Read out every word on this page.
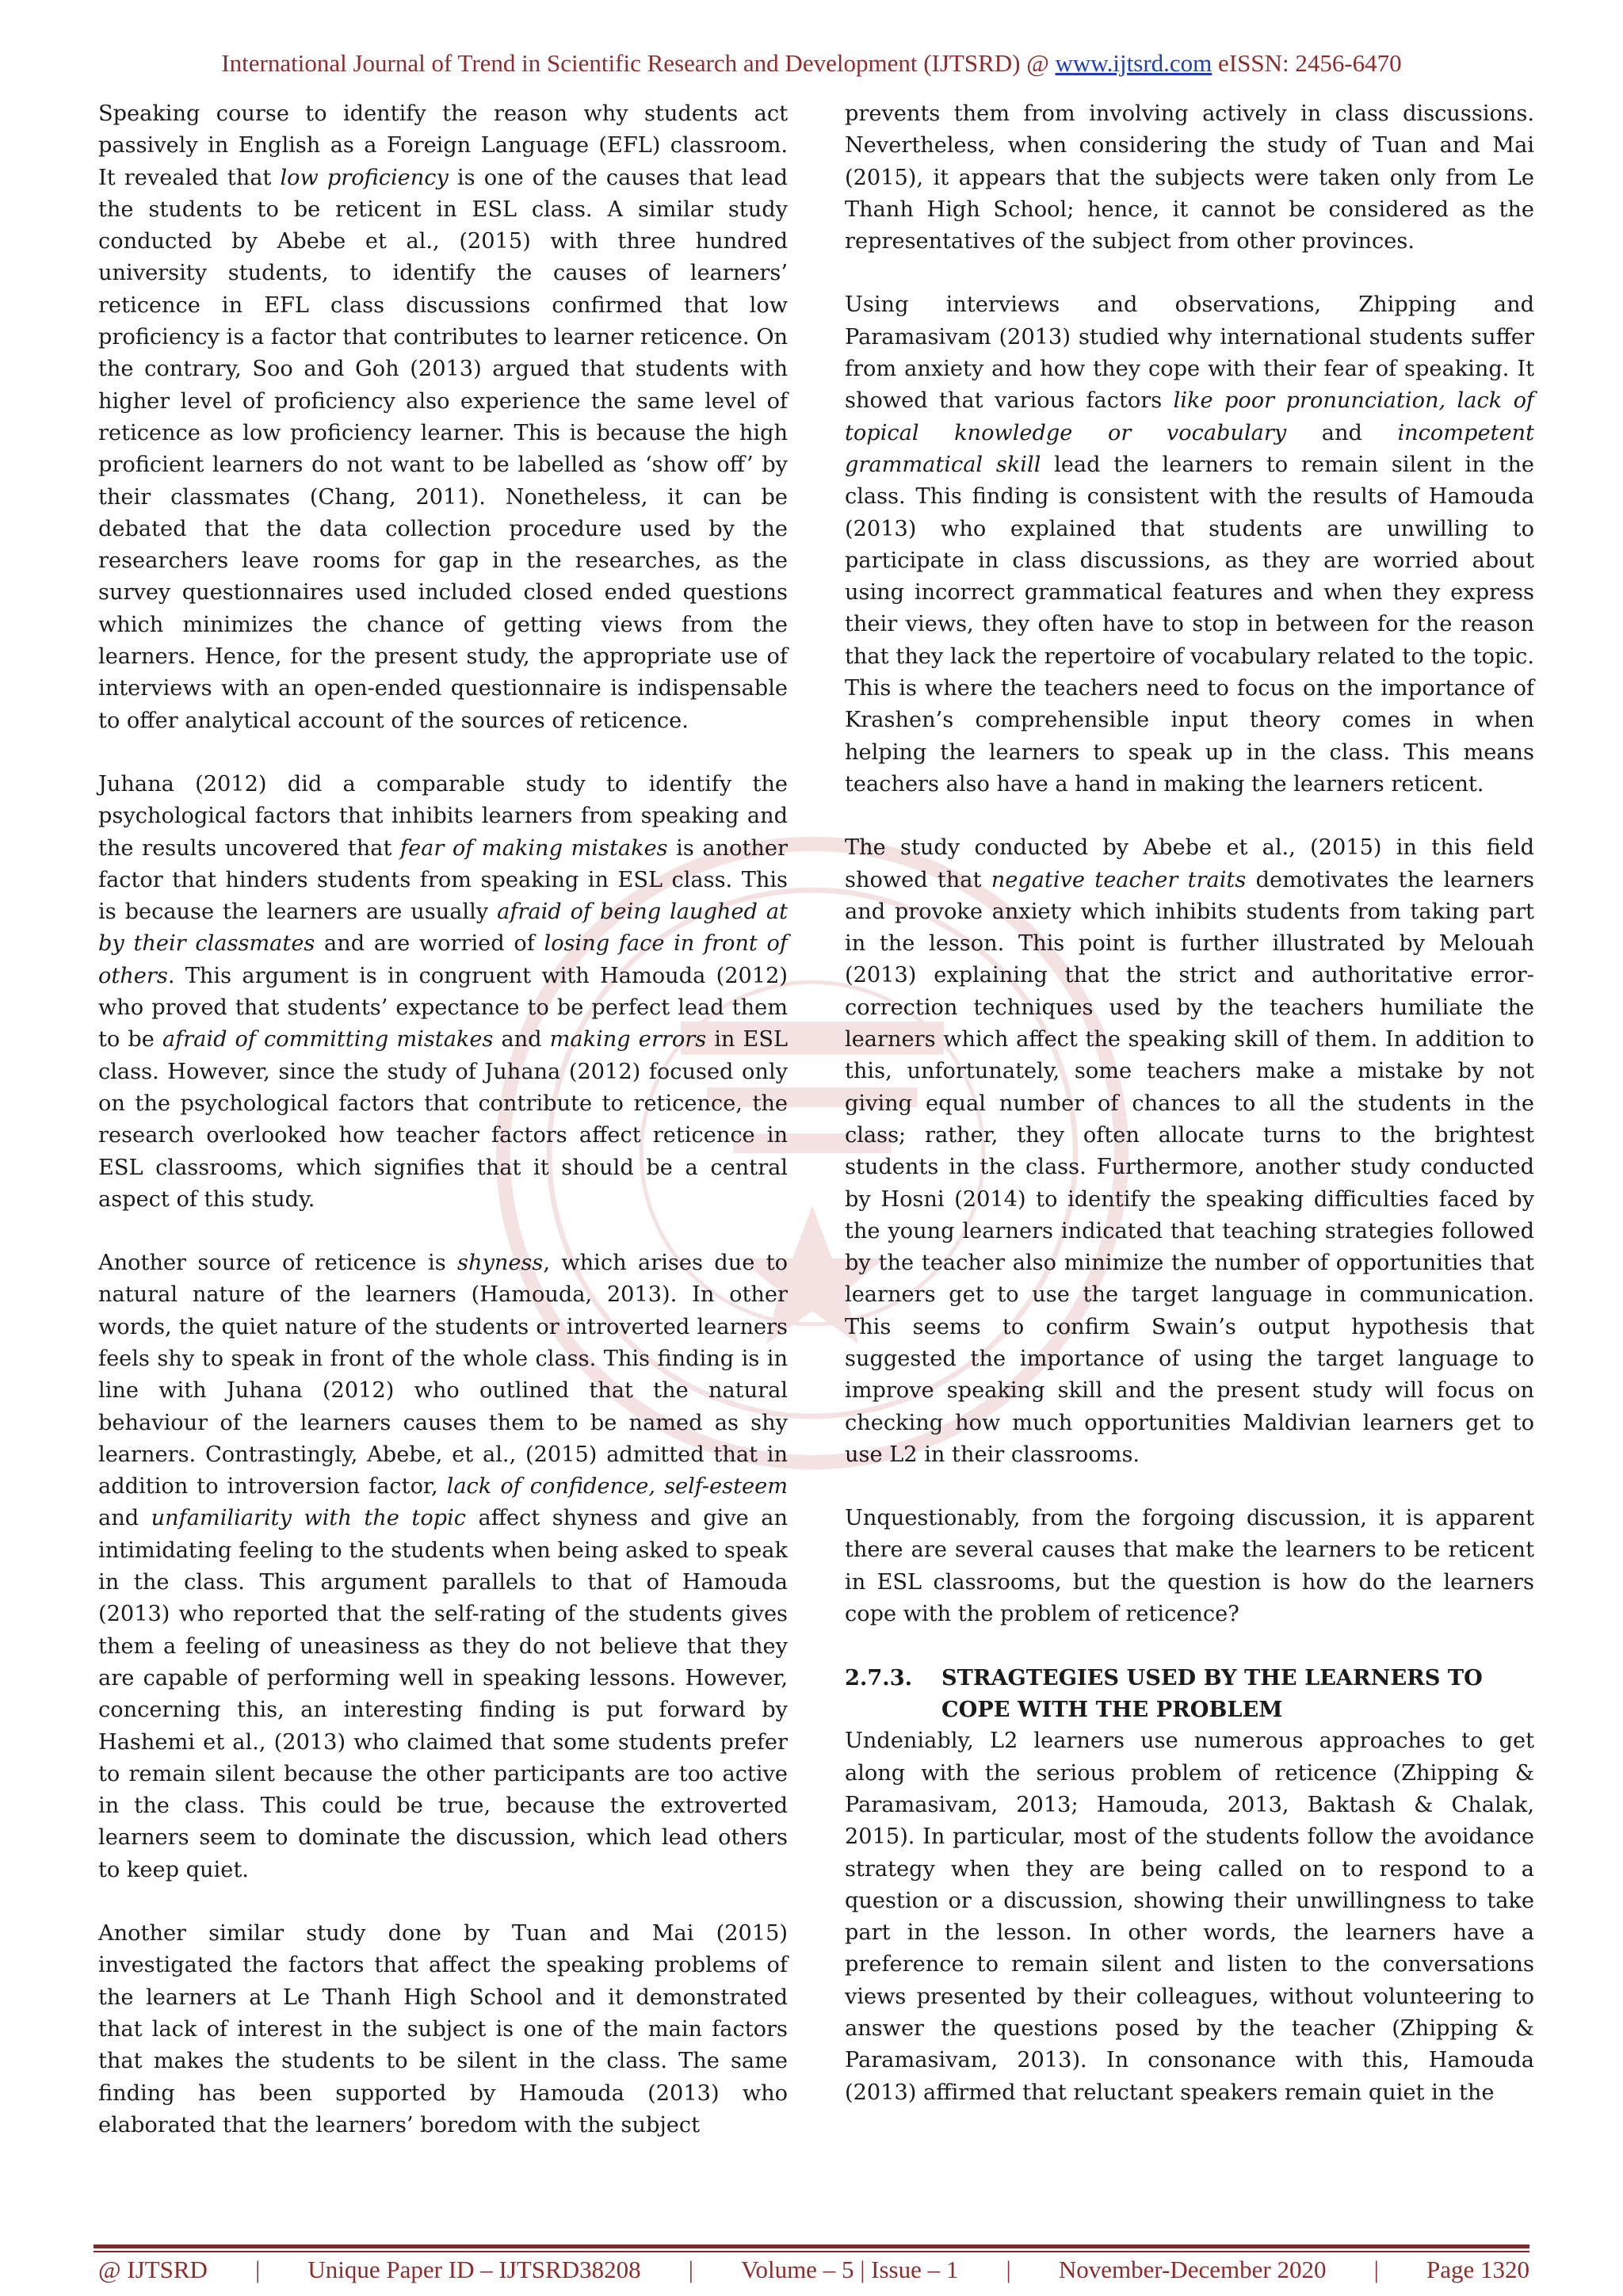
International Journal of Trend in Scientific Research and Development (IJTSRD) @ www.ijtsrd.com eISSN: 2456-6470

Speaking course to identify the reason why students act passively in English as a Foreign Language (EFL) classroom. It revealed that low proficiency is one of the causes that lead the students to be reticent in ESL class. A similar study conducted by Abebe et al., (2015) with three hundred university students, to identify the causes of learners’ reticence in EFL class discussions confirmed that low proficiency is a factor that contributes to learner reticence. On the contrary, Soo and Goh (2013) argued that students with higher level of proficiency also experience the same level of reticence as low proficiency learner. This is because the high proficient learners do not want to be labelled as ‘show off’ by their classmates (Chang, 2011). Nonetheless, it can be debated that the data collection procedure used by the researchers leave rooms for gap in the researches, as the survey questionnaires used included closed ended questions which minimizes the chance of getting views from the learners. Hence, for the present study, the appropriate use of interviews with an open-ended questionnaire is indispensable to offer analytical account of the sources of reticence.

Juhana (2012) did a comparable study to identify the psychological factors that inhibits learners from speaking and the results uncovered that fear of making mistakes is another factor that hinders students from speaking in ESL class. This is because the learners are usually afraid of being laughed at by their classmates and are worried of losing face in front of others. This argument is in congruent with Hamouda (2012) who proved that students’ expectance to be perfect lead them to be afraid of committing mistakes and making errors in ESL class. However, since the study of Juhana (2012) focused only on the psychological factors that contribute to reticence, the research overlooked how teacher factors affect reticence in ESL classrooms, which signifies that it should be a central aspect of this study.

Another source of reticence is shyness, which arises due to natural nature of the learners (Hamouda, 2013). In other words, the quiet nature of the students or introverted learners feels shy to speak in front of the whole class. This finding is in line with Juhana (2012) who outlined that the natural behaviour of the learners causes them to be named as shy learners. Contrastingly, Abebe, et al., (2015) admitted that in addition to introversion factor, lack of confidence, self-esteem and unfamiliarity with the topic affect shyness and give an intimidating feeling to the students when being asked to speak in the class. This argument parallels to that of Hamouda (2013) who reported that the self-rating of the students gives them a feeling of uneasiness as they do not believe that they are capable of performing well in speaking lessons. However, concerning this, an interesting finding is put forward by Hashemi et al., (2013) who claimed that some students prefer to remain silent because the other participants are too active in the class. This could be true, because the extroverted learners seem to dominate the discussion, which lead others to keep quiet.

Another similar study done by Tuan and Mai (2015) investigated the factors that affect the speaking problems of the learners at Le Thanh High School and it demonstrated that lack of interest in the subject is one of the main factors that makes the students to be silent in the class. The same finding has been supported by Hamouda (2013) who elaborated that the learners’ boredom with the subject

prevents them from involving actively in class discussions. Nevertheless, when considering the study of Tuan and Mai (2015), it appears that the subjects were taken only from Le Thanh High School; hence, it cannot be considered as the representatives of the subject from other provinces.

Using interviews and observations, Zhipping and Paramasivam (2013) studied why international students suffer from anxiety and how they cope with their fear of speaking. It showed that various factors like poor pronunciation, lack of topical knowledge or vocabulary and incompetent grammatical skill lead the learners to remain silent in the class. This finding is consistent with the results of Hamouda (2013) who explained that students are unwilling to participate in class discussions, as they are worried about using incorrect grammatical features and when they express their views, they often have to stop in between for the reason that they lack the repertoire of vocabulary related to the topic. This is where the teachers need to focus on the importance of Krashen’s comprehensible input theory comes in when helping the learners to speak up in the class. This means teachers also have a hand in making the learners reticent.

The study conducted by Abebe et al., (2015) in this field showed that negative teacher traits demotivates the learners and provoke anxiety which inhibits students from taking part in the lesson. This point is further illustrated by Melouah (2013) explaining that the strict and authoritative error-correction techniques used by the teachers humiliate the learners which affect the speaking skill of them. In addition to this, unfortunately, some teachers make a mistake by not giving equal number of chances to all the students in the class; rather, they often allocate turns to the brightest students in the class. Furthermore, another study conducted by Hosni (2014) to identify the speaking difficulties faced by the young learners indicated that teaching strategies followed by the teacher also minimize the number of opportunities that learners get to use the target language in communication. This seems to confirm Swain’s output hypothesis that suggested the importance of using the target language to improve speaking skill and the present study will focus on checking how much opportunities Maldivian learners get to use L2 in their classrooms.

Unquestionably, from the forgoing discussion, it is apparent there are several causes that make the learners to be reticent in ESL classrooms, but the question is how do the learners cope with the problem of reticence?

2.7.3.	STRAGTEGIES USED BY THE LEARNERS TO COPE WITH THE PROBLEM

Undeniably, L2 learners use numerous approaches to get along with the serious problem of reticence (Zhipping & Paramasivam, 2013; Hamouda, 2013, Baktash & Chalak, 2015). In particular, most of the students follow the avoidance strategy when they are being called on to respond to a question or a discussion, showing their unwillingness to take part in the lesson. In other words, the learners have a preference to remain silent and listen to the conversations views presented by their colleagues, without volunteering to answer the questions posed by the teacher (Zhipping & Paramasivam, 2013). In consonance with this, Hamouda (2013) affirmed that reluctant speakers remain quiet in the

@ IJTSRD | Unique Paper ID – IJTSRD38208 | Volume – 5 | Issue – 1 | November-December 2020 | Page 1320
